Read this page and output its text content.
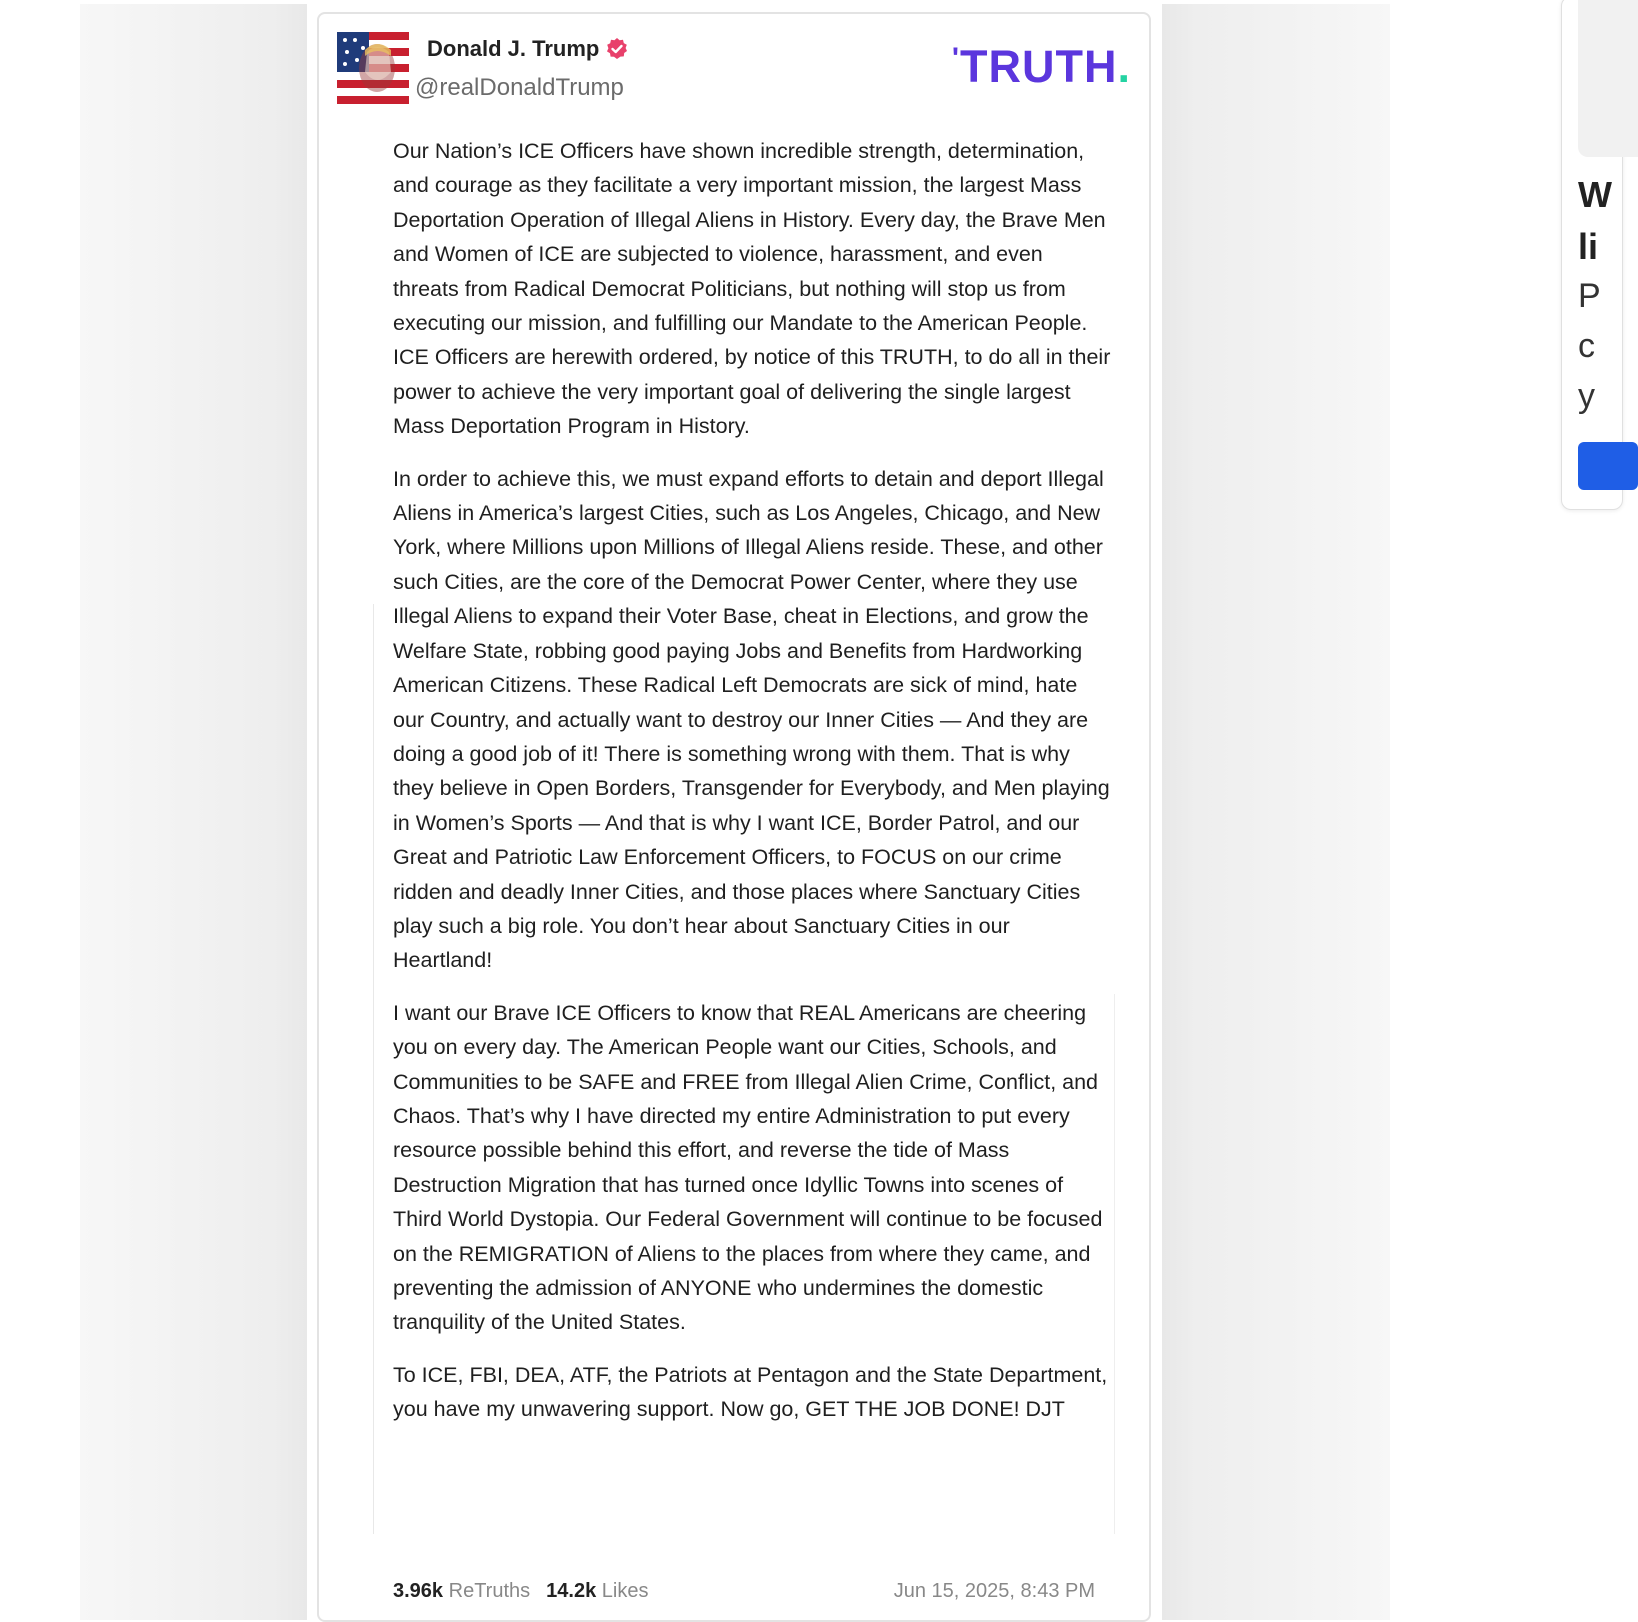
Donald J. Trump
@realDonaldTrump
'TRUTH.

Our Nation’s ICE Officers have shown incredible strength, determination, and courage as they facilitate a very important mission, the largest Mass Deportation Operation of Illegal Aliens in History. Every day, the Brave Men and Women of ICE are subjected to violence, harassment, and even threats from Radical Democrat Politicians, but nothing will stop us from executing our mission, and fulfilling our Mandate to the American People. ICE Officers are herewith ordered, by notice of this TRUTH, to do all in their power to achieve the very important goal of delivering the single largest Mass Deportation Program in History.

In order to achieve this, we must expand efforts to detain and deport Illegal Aliens in America’s largest Cities, such as Los Angeles, Chicago, and New York, where Millions upon Millions of Illegal Aliens reside. These, and other such Cities, are the core of the Democrat Power Center, where they use Illegal Aliens to expand their Voter Base, cheat in Elections, and grow the Welfare State, robbing good paying Jobs and Benefits from Hardworking American Citizens. These Radical Left Democrats are sick of mind, hate our Country, and actually want to destroy our Inner Cities — And they are doing a good job of it! There is something wrong with them. That is why they believe in Open Borders, Transgender for Everybody, and Men playing in Women’s Sports — And that is why I want ICE, Border Patrol, and our Great and Patriotic Law Enforcement Officers, to FOCUS on our crime ridden and deadly Inner Cities, and those places where Sanctuary Cities play such a big role. You don’t hear about Sanctuary Cities in our Heartland!

I want our Brave ICE Officers to know that REAL Americans are cheering you on every day. The American People want our Cities, Schools, and Communities to be SAFE and FREE from Illegal Alien Crime, Conflict, and Chaos. That’s why I have directed my entire Administration to put every resource possible behind this effort, and reverse the tide of Mass Destruction Migration that has turned once Idyllic Towns into scenes of Third World Dystopia. Our Federal Government will continue to be focused on the REMIGRATION of Aliens to the places from where they came, and preventing the admission of ANYONE who undermines the domestic tranquility of the United States.

To ICE, FBI, DEA, ATF, the Patriots at Pentagon and the State Department, you have my unwavering support. Now go, GET THE JOB DONE! DJT

3.96k ReTruths 14.2k Likes	Jun 15, 2025, 8:43 PM
W
li
P
c
y
